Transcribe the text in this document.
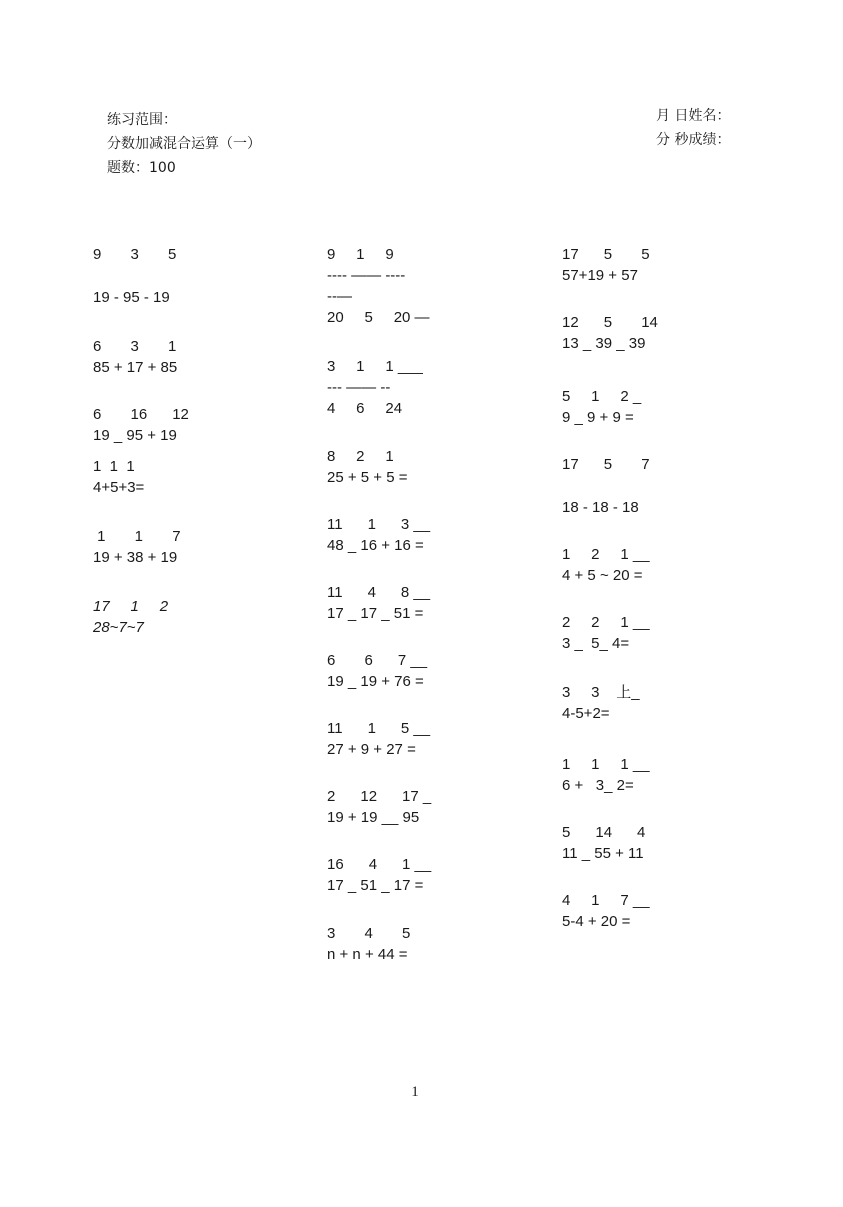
练习范围：
分数加减混合运算（一）
题数：100
月 日姓名：
分 秒成绩：
9       3       5

19 - 95 - 19
6       3       1
85 + 17 + 85
6       16      12
19 _ 95 + 19
1  1  1
4+5+3=
1       1       7
19 + 38 + 19
17     1     2
28~7~7
9     1     9
---- —— ----
--—
20     5     20 —
3     1     1 ___
--- —— --
4     6     24
8     2     1
25 + 5 + 5 =
11      1      3 __
48 _ 16 + 16 =
11      4      8 __
17 _ 17 _ 51 =
6       6      7 __
19 _ 19 + 76 =
11      1      5 __
27 + 9 + 27 =
2      12      17 _
19 + 19 __ 95
16      4      1 __
17 _ 51 _ 17 =
3       4       5
n + n + 44 =
17      5       5
57+19 + 57
12      5       14
13 _ 39 _ 39
5     1     2 _
9 _ 9 + 9 =
17      5       7

18 - 18 - 18
1     2     1 __
4 + 5 ~ 20 =
2     2     1 __
3 _  5_ 4=
3     3    上_
4-5+2=
1     1     1 __
6 +   3_ 2=
5      14      4
11 _ 55 + 11
4     1     7 __
5-4 + 20 =
1
